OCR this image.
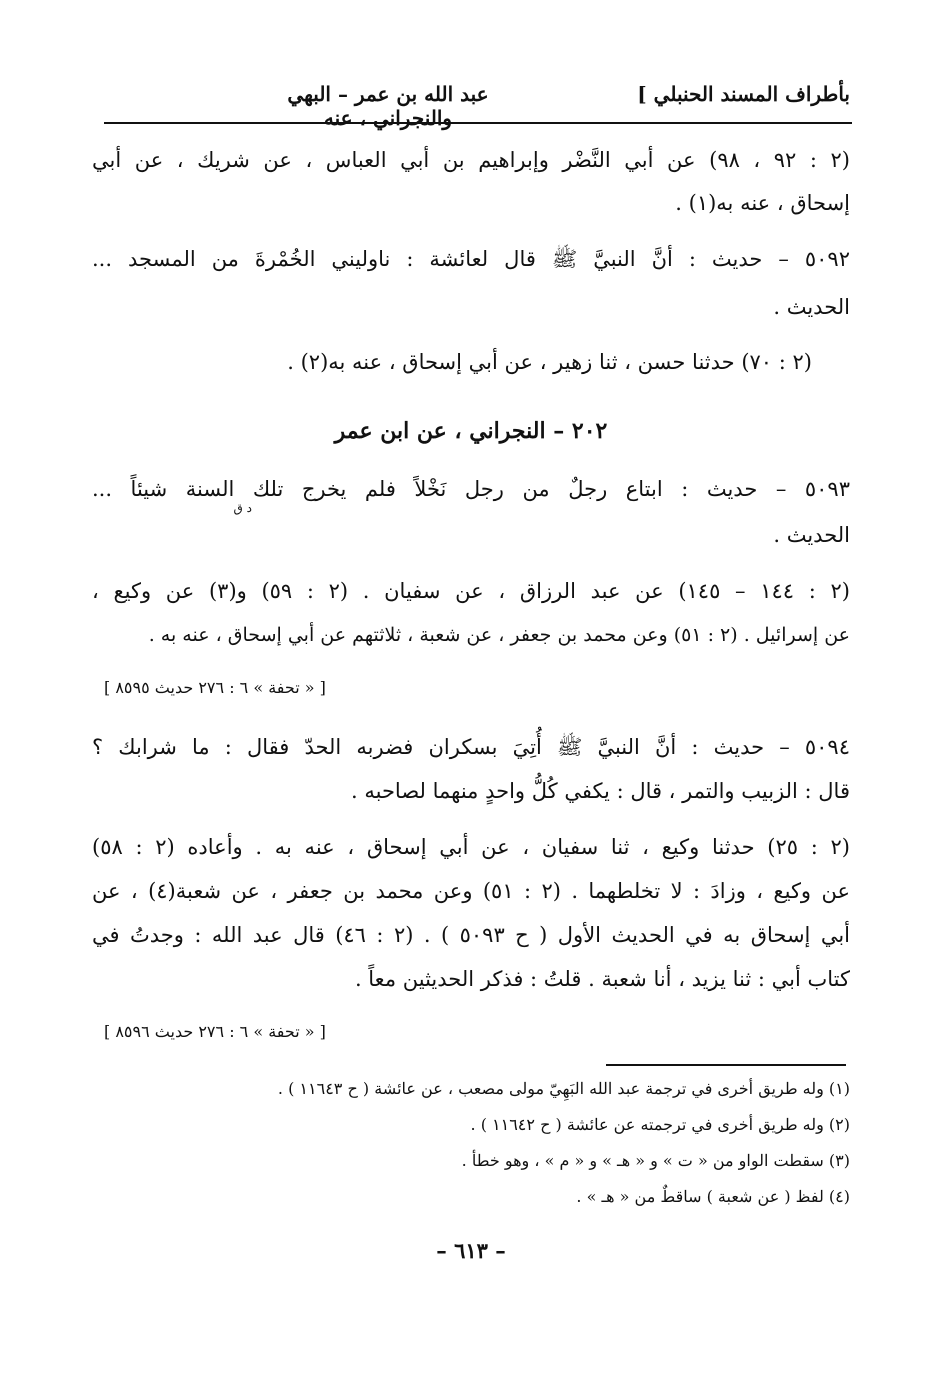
بأطراف المسند الحنبلي ]
عبد الله بن عمر – البهي والنجراني ، عنه
(٢ : ٩٢ ، ٩٨) عن أبي النَّضْر وإبراهيم بن أبي العباس ، عن شريك ، عن أبي
إسحاق ، عنه به(١) .
٥٠٩٢ – حديث : أنَّ النبيَّ ﷺ قال لعائشة : ناوليني الخُمْرةَ من المسجد ...
الحديث .
(٢ : ٧٠) حدثنا حسن ، ثنا زهير ، عن أبي إسحاق ، عنه به(٢) .
٢٠٢ – النجراني ، عن ابن عمر
٥٠٩٣ – حديث : ابتاع رجلٌ من رجل نَخْلاً فلم يخرج تلك السنة شيئاً ...
د ق
الحديث .
(٢ : ١٤٤ – ١٤٥) عن عبد الرزاق ، عن سفيان . (٢ : ٥٩) و(٣) عن وكيع ،
عن إسرائيل . (٢ : ٥١) وعن محمد بن جعفر ، عن شعبة ، ثلاثتهم عن أبي إسحاق ، عنه به .
[ « تحفة » ٦ : ٢٧٦ حديث ٨٥٩٥ ]
٥٠٩٤ – حديث : أنَّ النبيَّ ﷺ أُتِيَ بسكران فضربه الحدّ فقال : ما شرابك ؟
قال : الزبيب والتمر ، قال : يكفي كُلُّ واحدٍ منهما لصاحبه .
(٢ : ٢٥) حدثنا وكيع ، ثنا سفيان ، عن أبي إسحاق ، عنه به . وأعاده (٢ : ٥٨)
عن وكيع ، وزادَ : لا تخلطهما . (٢ : ٥١) وعن محمد بن جعفر ، عن شعبة(٤) ، عن
أبي إسحاق به في الحديث الأول ( ح ٥٠٩٣ ) . (٢ : ٤٦) قال عبد الله : وجدتُ في
كتاب أبي : ثنا يزيد ، أنا شعبة . قلتُ : فذكر الحديثين معاً .
[ « تحفة » ٦ : ٢٧٦ حديث ٨٥٩٦ ]
(١) وله طريق أخرى في ترجمة عبد الله البَهِيّ مولى مصعب ، عن عائشة ( ح ١١٦٤٣ ) .
(٢) وله طريق أخرى في ترجمته عن عائشة ( ح ١١٦٤٢ ) .
(٣) سقطت الواو من « ت » و « هـ » و « م » ، وهو خطأ .
(٤) لفظ ( عن شعبة ) ساقطٌ من « هـ » .
– ٦١٣ –
